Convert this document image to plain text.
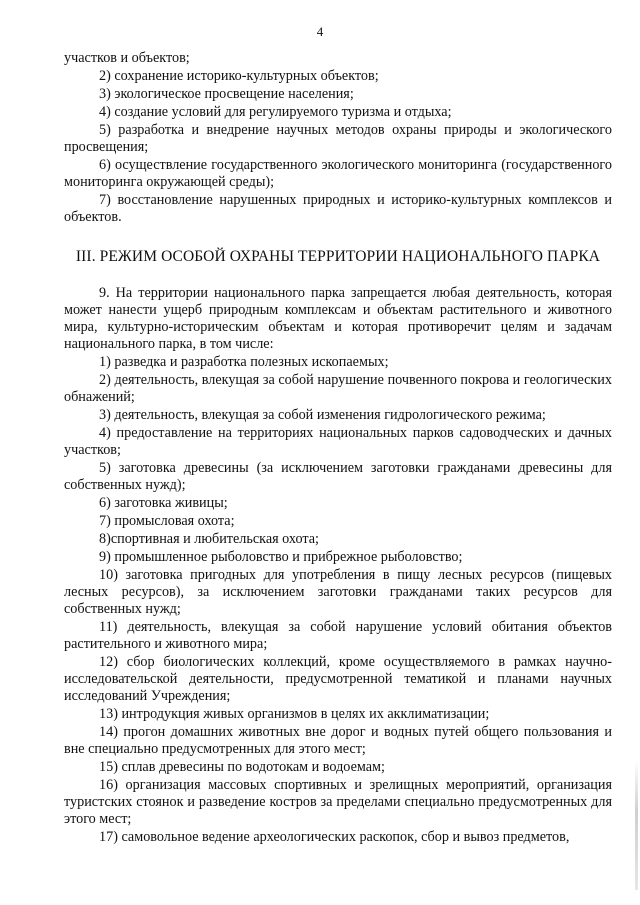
4

участков и объектов;

2) сохранение историко-культурных объектов;

3) экологическое просвещение населения;

4) создание условий для регулируемого туризма и отдыха;

5) разработка и внедрение научных методов охраны природы и экологического просвещения;

6) осуществление государственного экологического мониторинга (государственного мониторинга окружающей среды);

7) восстановление нарушенных природных и историко-культурных комплексов и объектов.

III. РЕЖИМ ОСОБОЙ ОХРАНЫ ТЕРРИТОРИИ НАЦИОНАЛЬНОГО ПАРКА

9. На территории национального парка запрещается любая деятельность, которая может нанести ущерб природным комплексам и объектам растительного и животного мира, культурно-историческим объектам и которая противоречит целям и задачам национального парка, в том числе:

1) разведка и разработка полезных ископаемых;

2) деятельность, влекущая за собой нарушение почвенного покрова и геологических обнажений;

3) деятельность, влекущая за собой изменения гидрологического режима;

4) предоставление на территориях национальных парков садоводческих и дачных участков;

5) заготовка древесины (за исключением заготовки гражданами древесины для собственных нужд);

6) заготовка живицы;

7) промысловая охота;

8)спортивная и любительская охота;

9) промышленное рыболовство и прибрежное рыболовство;

10) заготовка пригодных для употребления в пищу лесных ресурсов (пищевых лесных ресурсов), за исключением заготовки гражданами таких ресурсов для собственных нужд;

11) деятельность, влекущая за собой нарушение условий обитания объектов растительного и животного мира;

12) сбор биологических коллекций, кроме осуществляемого в рамках научно-исследовательской деятельности, предусмотренной тематикой и планами научных исследований Учреждения;

13) интродукция живых организмов в целях их акклиматизации;

14) прогон домашних животных вне дорог и водных путей общего пользования и вне специально предусмотренных для этого мест;

15) сплав древесины по водотокам и водоемам;

16) организация массовых спортивных и зрелищных мероприятий, организация туристских стоянок и разведение костров за пределами специально предусмотренных для этого мест;

17) самовольное ведение археологических раскопок, сбор и вывоз предметов,
